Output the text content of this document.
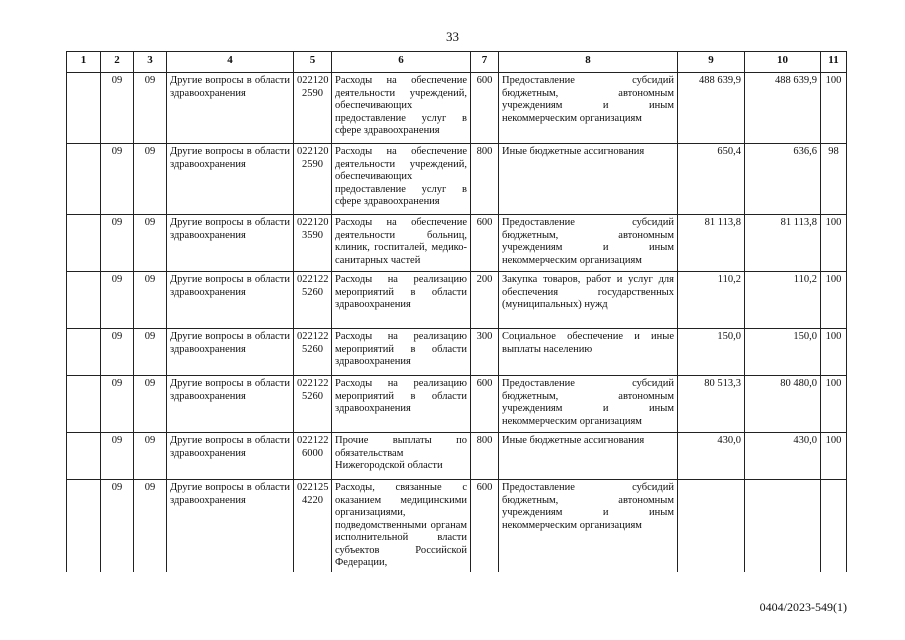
33
1	2	3	4	5	6	7	8	9	10	11
	09	09	Другие вопросы в области здравоохранения	022120 2590	Расходы на обеспечение деятельности учреждений, обеспечивающих предоставление услуг в сфере здравоохранения	600	Предоставление субсидий бюджетным, автономным учреждениям и иным некоммерческим организациям	488 639,9	488 639,9	100
	09	09	Другие вопросы в области здравоохранения	022120 2590	Расходы на обеспечение деятельности учреждений, обеспечивающих предоставление услуг в сфере здравоохранения	800	Иные бюджетные ассигнования	650,4	636,6	98
	09	09	Другие вопросы в области здравоохранения	022120 3590	Расходы на обеспечение деятельности больниц, клиник, госпиталей, медико-санитарных частей	600	Предоставление субсидий бюджетным, автономным учреждениям и иным некоммерческим организациям	81 113,8	81 113,8	100
	09	09	Другие вопросы в области здравоохранения	022122 5260	Расходы на реализацию мероприятий в области здравоохранения	200	Закупка товаров, работ и услуг для обеспечения государственных (муниципальных) нужд	110,2	110,2	100
	09	09	Другие вопросы в области здравоохранения	022122 5260	Расходы на реализацию мероприятий в области здравоохранения	300	Социальное обеспечение и иные выплаты населению	150,0	150,0	100
	09	09	Другие вопросы в области здравоохранения	022122 5260	Расходы на реализацию мероприятий в области здравоохранения	600	Предоставление субсидий бюджетным, автономным учреждениям и иным некоммерческим организациям	80 513,3	80 480,0	100
	09	09	Другие вопросы в области здравоохранения	022122 6000	Прочие выплаты по обязательствам Нижегородской области	800	Иные бюджетные ассигнования	430,0	430,0	100
	09	09	Другие вопросы в области здравоохранения	022125 4220	Расходы, связанные с оказанием медицинскими организациями, подведомственными органам исполнительной власти субъектов Российской Федерации,	600	Предоставление субсидий бюджетным, автономным учреждениям и иным некоммерческим организациям			
0404/2023-549(1)
